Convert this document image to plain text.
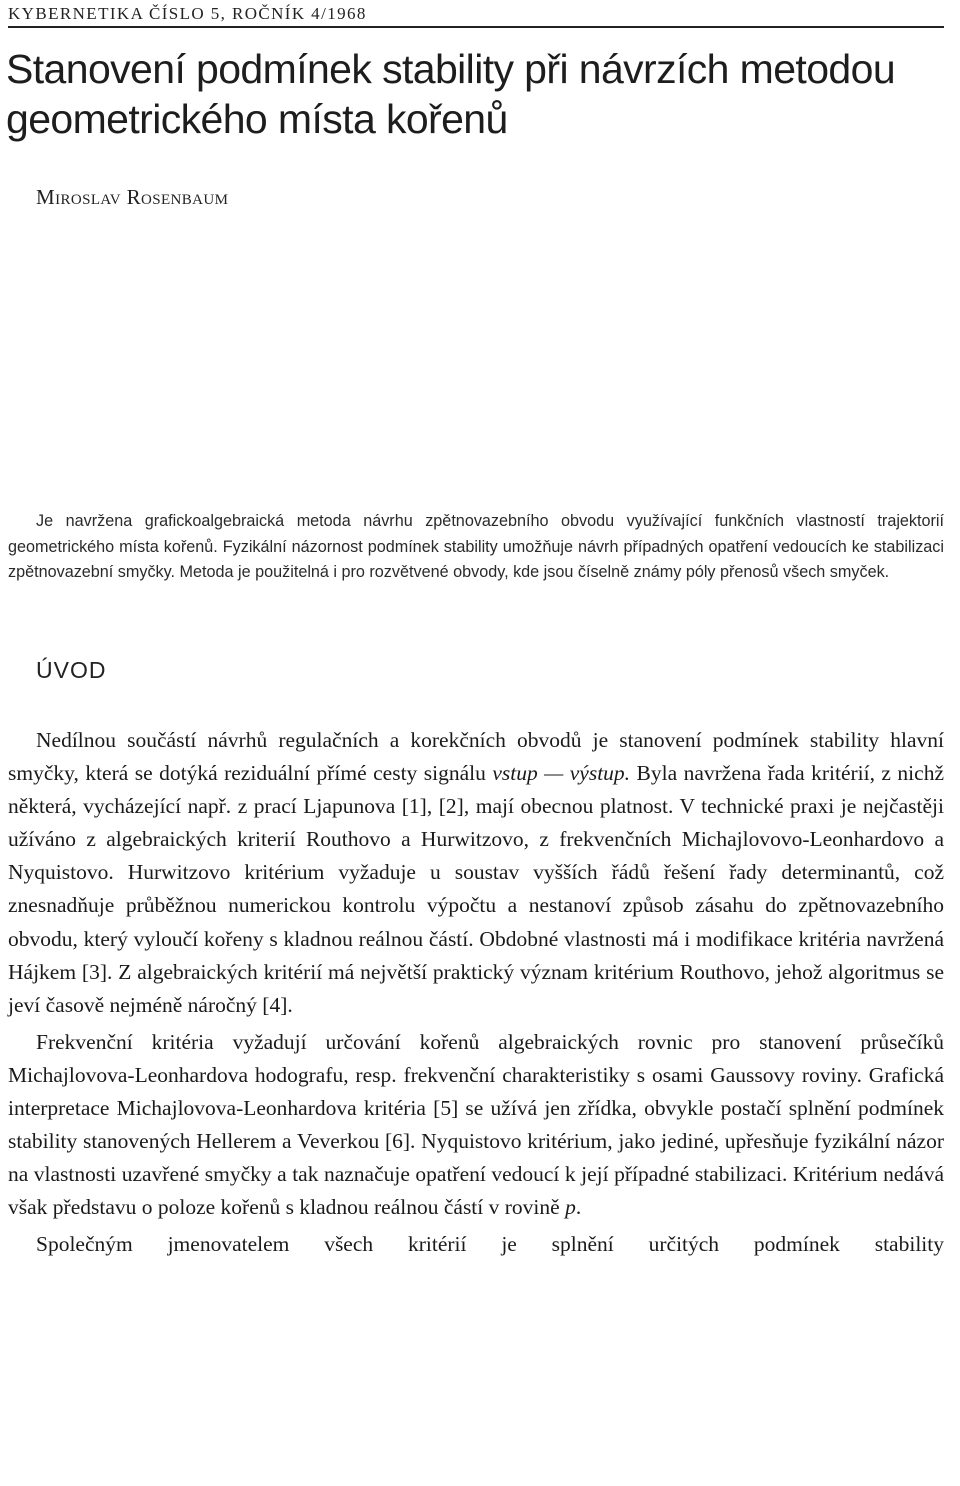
KYBERNETIKA ČÍSLO 5, ROČNÍK 4/1968
Stanovení podmínek stability při návrzích metodou geometrického místa kořenů
Miroslav Rosenbaum

Je navržena grafickoalgebraická metoda návrhu zpětnovazebního obvodu využívající funkčních vlastností trajektorií geometrického místa kořenů. Fyzikální názornost podmínek stability umožňuje návrh případných opatření vedoucích ke stabilizaci zpětnovazební smyčky. Metoda je použitelná i pro rozvětvené obvody, kde jsou číselně známy póly přenosů všech smyček.

ÚVOD

Nedílnou součástí návrhů regulačních a korekčních obvodů je stanovení podmínek stability hlavní smyčky, která se dotýká reziduální přímé cesty signálu vstup — výstup. Byla navržena řada kritérií, z nichž některá, vycházející např. z prací Ljapunova [1], [2], mají obecnou platnost. V technické praxi je nejčastěji užíváno z algebraických kriterií Routhovo a Hurwitzovo, z frekvenčních Michajlovovo-Leonhardovo a Nyquistovo. Hurwitzovo kritérium vyžaduje u soustav vyšších řádů řešení řady determinantů, což znesnadňuje průběžnou numerickou kontrolu výpočtu a nestanoví způsob zásahu do zpětnovazebního obvodu, který vyloučí kořeny s kladnou reálnou částí. Obdobné vlastnosti má i modifikace kritéria navržená Hájkem [3]. Z algebraických kritérií má největší praktický význam kritérium Routhovo, jehož algoritmus se jeví časově nejméně náročný [4].

Frekvenční kritéria vyžadují určování kořenů algebraických rovnic pro stanovení průsečíků Michajlovova-Leonhardova hodografu, resp. frekvenční charakteristiky s osami Gaussovy roviny. Grafická interpretace Michajlovova-Leonhardova kritéria [5] se užívá jen zřídka, obvykle postačí splnění podmínek stability stanovených Hellerem a Veverkou [6]. Nyquistovo kritérium, jako jediné, upřesňuje fyzikální názor na vlastnosti uzavřené smyčky a tak naznačuje opatření vedoucí k její případné stabilizaci. Kritérium nedává však představu o poloze kořenů s kladnou reálnou částí v rovině p.

Společným jmenovatelem všech kritérií je splnění určitých podmínek stability
